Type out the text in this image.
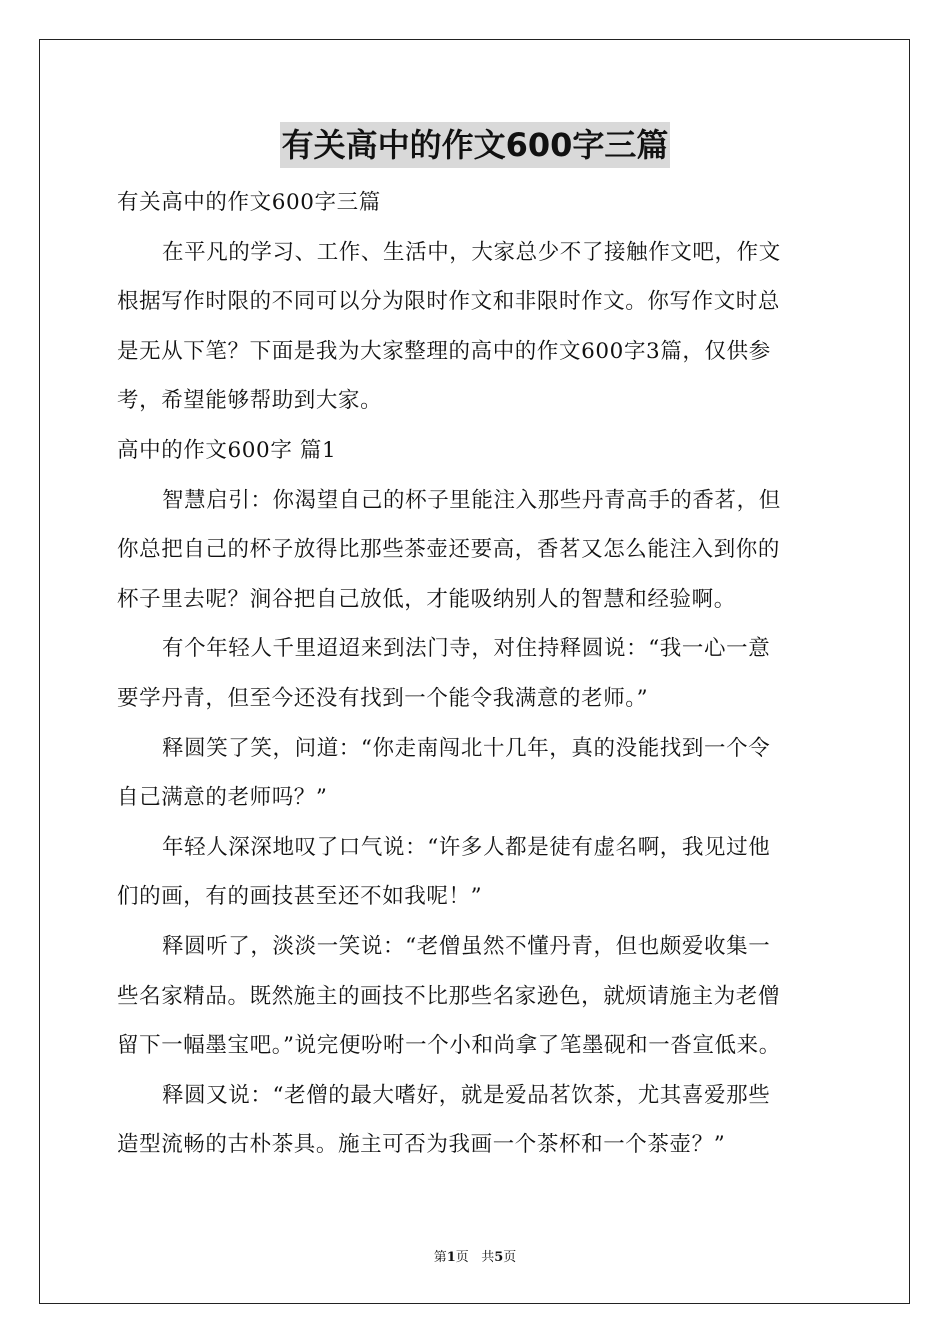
有关高中的作文600字三篇
有关高中的作文600字三篇
在平凡的学习、工作、生活中，大家总少不了接触作文吧，作文
根据写作时限的不同可以分为限时作文和非限时作文。你写作文时总
是无从下笔？下面是我为大家整理的高中的作文600字3篇，仅供参
考，希望能够帮助到大家。
高中的作文600字 篇1
智慧启引：你渴望自己的杯子里能注入那些丹青高手的香茗，但
你总把自己的杯子放得比那些茶壶还要高，香茗又怎么能注入到你的
杯子里去呢？涧谷把自己放低，才能吸纳别人的智慧和经验啊。
有个年轻人千里迢迢来到法门寺，对住持释圆说：“我一心一意
要学丹青，但至今还没有找到一个能令我满意的老师。”
释圆笑了笑，问道：“你走南闯北十几年，真的没能找到一个令
自己满意的老师吗？”
年轻人深深地叹了口气说：“许多人都是徒有虚名啊，我见过他
们的画，有的画技甚至还不如我呢！”
释圆听了，淡淡一笑说：“老僧虽然不懂丹青，但也颇爱收集一
些名家精品。既然施主的画技不比那些名家逊色，就烦请施主为老僧
留下一幅墨宝吧。”说完便吩咐一个小和尚拿了笔墨砚和一沓宣低来。
释圆又说：“老僧的最大嗜好，就是爱品茗饮茶，尤其喜爱那些
造型流畅的古朴茶具。施主可否为我画一个茶杯和一个茶壶？”
第1页 共5页
